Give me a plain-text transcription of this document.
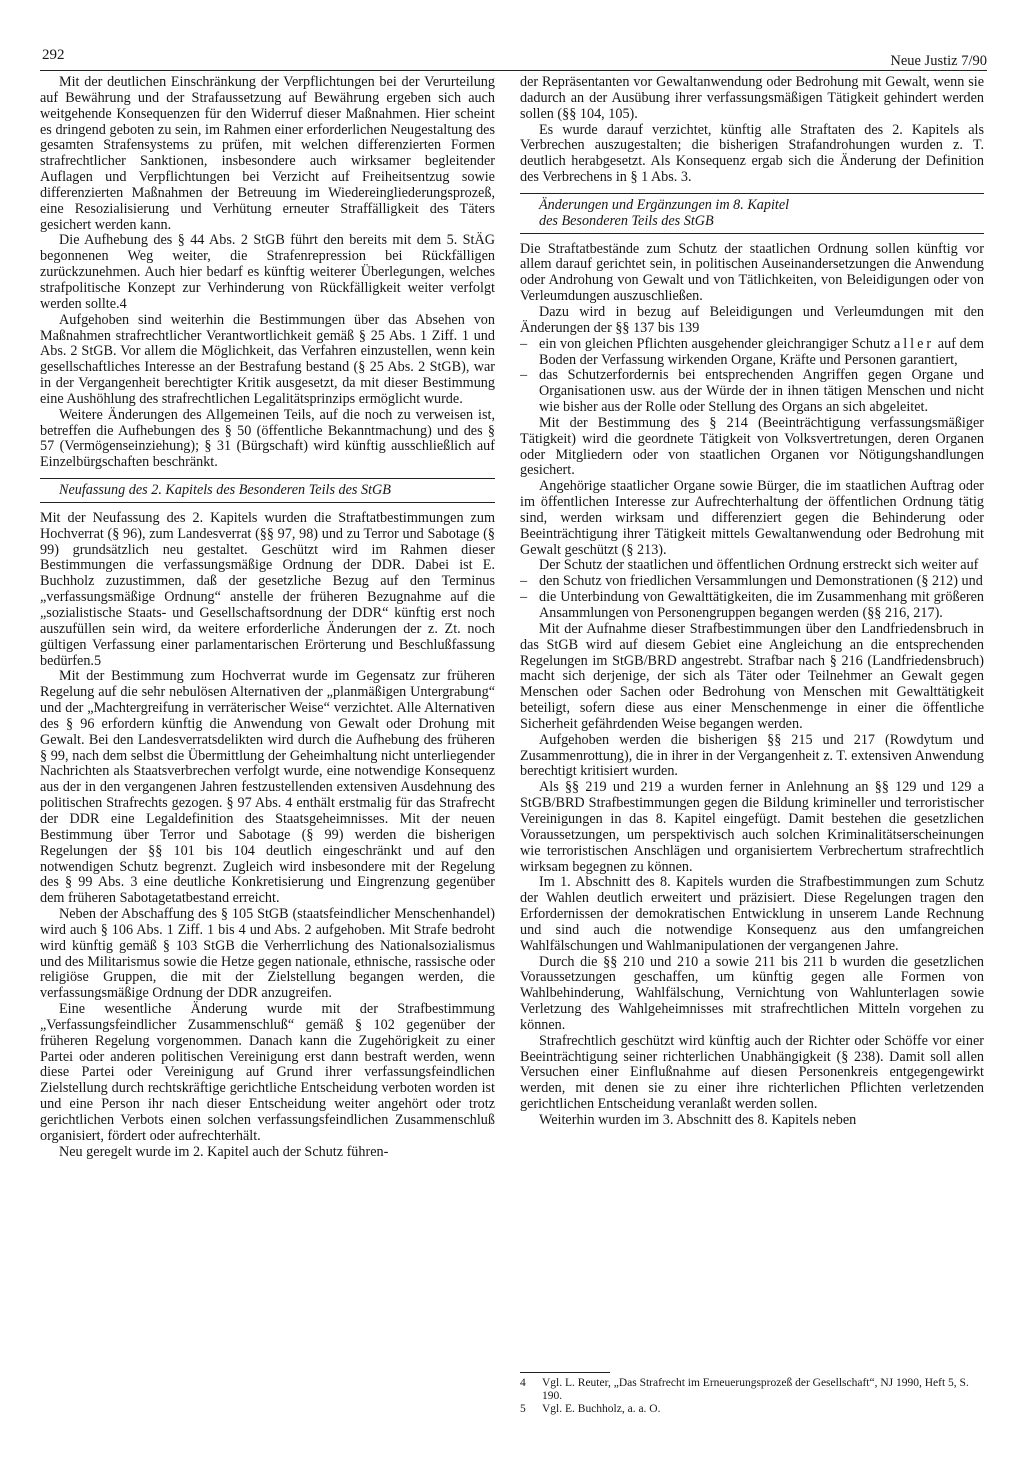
292	Neue Justiz 7/90

Mit der deutlichen Einschränkung der Verpflichtungen bei der Verurteilung auf Bewährung und der Strafaussetzung auf Bewährung ergeben sich auch weitgehende Konsequenzen für den Widerruf dieser Maßnahmen. Hier scheint es dringend geboten zu sein, im Rahmen einer erforderlichen Neugestaltung des gesamten Strafensystems zu prüfen, mit welchen differenzierten Formen strafrechtlicher Sanktionen, insbesondere auch wirksamer begleitender Auflagen und Verpflichtungen bei Verzicht auf Freiheitsentzug sowie differenzierten Maßnahmen der Betreuung im Wiedereingliederungsprozeß, eine Resozialisierung und Verhütung erneuter Straffälligkeit des Täters gesichert werden kann.

Die Aufhebung des § 44 Abs. 2 StGB führt den bereits mit dem 5. StÄG begonnenen Weg weiter, die Strafenrepression bei Rückfälligen zurückzunehmen. Auch hier bedarf es künftig weiterer Überlegungen, welches strafpolitische Konzept zur Verhinderung von Rückfälligkeit weiter verfolgt werden sollte.4

Aufgehoben sind weiterhin die Bestimmungen über das Absehen von Maßnahmen strafrechtlicher Verantwortlichkeit gemäß § 25 Abs. 1 Ziff. 1 und Abs. 2 StGB. Vor allem die Möglichkeit, das Verfahren einzustellen, wenn kein gesellschaftliches Interesse an der Bestrafung bestand (§ 25 Abs. 2 StGB), war in der Vergangenheit berechtigter Kritik ausgesetzt, da mit dieser Bestimmung eine Aushöhlung des strafrechtlichen Legalitätsprinzips ermöglicht wurde.

Weitere Änderungen des Allgemeinen Teils, auf die noch zu verweisen ist, betreffen die Aufhebungen des § 50 (öffentliche Bekanntmachung) und des § 57 (Vermögenseinziehung); § 31 (Bürgschaft) wird künftig ausschließlich auf Einzelbürgschaften beschränkt.

Neufassung des 2. Kapitels des Besonderen Teils des StGB

Mit der Neufassung des 2. Kapitels wurden die Straftatbestimmungen zum Hochverrat (§ 96), zum Landesverrat (§§ 97, 98) und zu Terror und Sabotage (§ 99) grundsätzlich neu gestaltet. Geschützt wird im Rahmen dieser Bestimmungen die verfassungsmäßige Ordnung der DDR. Dabei ist E. Buchholz zuzustimmen, daß der gesetzliche Bezug auf den Terminus „verfassungsmäßige Ordnung“ anstelle der früheren Bezugnahme auf die „sozialistische Staats- und Gesellschaftsordnung der DDR“ künftig erst noch auszufüllen sein wird, da weitere erforderliche Änderungen der z. Zt. noch gültigen Verfassung einer parlamentarischen Erörterung und Beschlußfassung bedürfen.5

Mit der Bestimmung zum Hochverrat wurde im Gegensatz zur früheren Regelung auf die sehr nebulösen Alternativen der „planmäßigen Untergrabung“ und der „Machtergreifung in verräterischer Weise“ verzichtet. Alle Alternativen des § 96 erfordern künftig die Anwendung von Gewalt oder Drohung mit Gewalt. Bei den Landesverratsdelikten wird durch die Aufhebung des früheren § 99, nach dem selbst die Übermittlung der Geheimhaltung nicht unterliegender Nachrichten als Staatsverbrechen verfolgt wurde, eine notwendige Konsequenz aus der in den vergangenen Jahren festzustellenden extensiven Ausdehnung des politischen Strafrechts gezogen. § 97 Abs. 4 enthält erstmalig für das Strafrecht der DDR eine Legaldefinition des Staatsgeheimnisses. Mit der neuen Bestimmung über Terror und Sabotage (§ 99) werden die bisherigen Regelungen der §§ 101 bis 104 deutlich eingeschränkt und auf den notwendigen Schutz begrenzt. Zugleich wird insbesondere mit der Regelung des § 99 Abs. 3 eine deutliche Konkretisierung und Eingrenzung gegenüber dem früheren Sabotagetatbestand erreicht.

Neben der Abschaffung des § 105 StGB (staatsfeindlicher Menschenhandel) wird auch § 106 Abs. 1 Ziff. 1 bis 4 und Abs. 2 aufgehoben. Mit Strafe bedroht wird künftig gemäß § 103 StGB die Verherrlichung des Nationalsozialismus und des Militarismus sowie die Hetze gegen nationale, ethnische, rassische oder religiöse Gruppen, die mit der Zielstellung begangen werden, die verfassungsmäßige Ordnung der DDR anzugreifen.

Eine wesentliche Änderung wurde mit der Strafbestimmung „Verfassungsfeindlicher Zusammenschluß“ gemäß § 102 gegenüber der früheren Regelung vorgenommen. Danach kann die Zugehörigkeit zu einer Partei oder anderen politischen Vereinigung erst dann bestraft werden, wenn diese Partei oder Vereinigung auf Grund ihrer verfassungsfeindlichen Zielstellung durch rechtskräftige gerichtliche Entscheidung verboten worden ist und eine Person ihr nach dieser Entscheidung weiter angehört oder trotz gerichtlichen Verbots einen solchen verfassungsfeindlichen Zusammenschluß organisiert, fördert oder aufrechterhält.

Neu geregelt wurde im 2. Kapitel auch der Schutz führen-

der Repräsentanten vor Gewaltanwendung oder Bedrohung mit Gewalt, wenn sie dadurch an der Ausübung ihrer verfassungsmäßigen Tätigkeit gehindert werden sollen (§§ 104, 105).

Es wurde darauf verzichtet, künftig alle Straftaten des 2. Kapitels als Verbrechen auszugestalten; die bisherigen Strafandrohungen wurden z. T. deutlich herabgesetzt. Als Konsequenz ergab sich die Änderung der Definition des Verbrechens in § 1 Abs. 3.

Änderungen und Ergänzungen im 8. Kapitel

des Besonderen Teils des StGB

Die Straftatbestände zum Schutz der staatlichen Ordnung sollen künftig vor allem darauf gerichtet sein, in politischen Auseinandersetzungen die Anwendung oder Androhung von Gewalt und von Tätlichkeiten, von Beleidigungen oder von Verleumdungen auszuschließen.

Dazu wird in bezug auf Beleidigungen und Verleumdungen mit den Änderungen der §§ 137 bis 139

– ein von gleichen Pflichten ausgehender gleichrangiger Schutz aller auf dem Boden der Verfassung wirkenden Organe, Kräfte und Personen garantiert,
– das Schutzerfordernis bei entsprechenden Angriffen gegen Organe und Organisationen usw. aus der Würde der in ihnen tätigen Menschen und nicht wie bisher aus der Rolle oder Stellung des Organs an sich abgeleitet.

Mit der Bestimmung des § 214 (Beeinträchtigung verfassungsmäßiger Tätigkeit) wird die geordnete Tätigkeit von Volksvertretungen, deren Organen oder Mitgliedern oder von staatlichen Organen vor Nötigungshandlungen gesichert.

Angehörige staatlicher Organe sowie Bürger, die im staatlichen Auftrag oder im öffentlichen Interesse zur Aufrechterhaltung der öffentlichen Ordnung tätig sind, werden wirksam und differenziert gegen die Behinderung oder Beeinträchtigung ihrer Tätigkeit mittels Gewaltanwendung oder Bedrohung mit Gewalt geschützt (§ 213).

Der Schutz der staatlichen und öffentlichen Ordnung erstreckt sich weiter auf

– den Schutz von friedlichen Versammlungen und Demonstrationen (§ 212) und
– die Unterbindung von Gewalttätigkeiten, die im Zusammenhang mit größeren Ansammlungen von Personengruppen begangen werden (§§ 216, 217).

Mit der Aufnahme dieser Strafbestimmungen über den Landfriedensbruch in das StGB wird auf diesem Gebiet eine Angleichung an die entsprechenden Regelungen im StGB/BRD angestrebt. Strafbar nach § 216 (Landfriedensbruch) macht sich derjenige, der sich als Täter oder Teilnehmer an Gewalt gegen Menschen oder Sachen oder Bedrohung von Menschen mit Gewalttätigkeit beteiligt, sofern diese aus einer Menschenmenge in einer die öffentliche Sicherheit gefährdenden Weise begangen werden.

Aufgehoben werden die bisherigen §§ 215 und 217 (Rowdytum und Zusammenrottung), die in ihrer in der Vergangenheit z. T. extensiven Anwendung berechtigt kritisiert wurden.

Als §§ 219 und 219 a wurden ferner in Anlehnung an §§ 129 und 129 a StGB/BRD Strafbestimmungen gegen die Bildung krimineller und terroristischer Vereinigungen in das 8. Kapitel eingefügt. Damit bestehen die gesetzlichen Voraussetzungen, um perspektivisch auch solchen Kriminalitätserscheinungen wie terroristischen Anschlägen und organisiertem Verbrechertum strafrechtlich wirksam begegnen zu können.

Im 1. Abschnitt des 8. Kapitels wurden die Strafbestimmungen zum Schutz der Wahlen deutlich erweitert und präzisiert. Diese Regelungen tragen den Erfordernissen der demokratischen Entwicklung in unserem Lande Rechnung und sind auch die notwendige Konsequenz aus den umfangreichen Wahlfälschungen und Wahlmanipulationen der vergangenen Jahre.

Durch die §§ 210 und 210 a sowie 211 bis 211 b wurden die gesetzlichen Voraussetzungen geschaffen, um künftig gegen alle Formen von Wahlbehinderung, Wahlfälschung, Vernichtung von Wahlunterlagen sowie Verletzung des Wahlgeheimnisses mit strafrechtlichen Mitteln vorgehen zu können.

Strafrechtlich geschützt wird künftig auch der Richter oder Schöffe vor einer Beeinträchtigung seiner richterlichen Unabhängigkeit (§ 238). Damit soll allen Versuchen einer Einflußnahme auf diesen Personenkreis entgegengewirkt werden, mit denen sie zu einer ihre richterlichen Pflichten verletzenden gerichtlichen Entscheidung veranlaßt werden sollen.

Weiterhin wurden im 3. Abschnitt des 8. Kapitels neben

4	Vgl. L. Reuter, „Das Strafrecht im Erneuerungsprozeß der Gesellschaft“, NJ 1990, Heft 5, S. 190.
5	Vgl. E. Buchholz, a. a. O.
